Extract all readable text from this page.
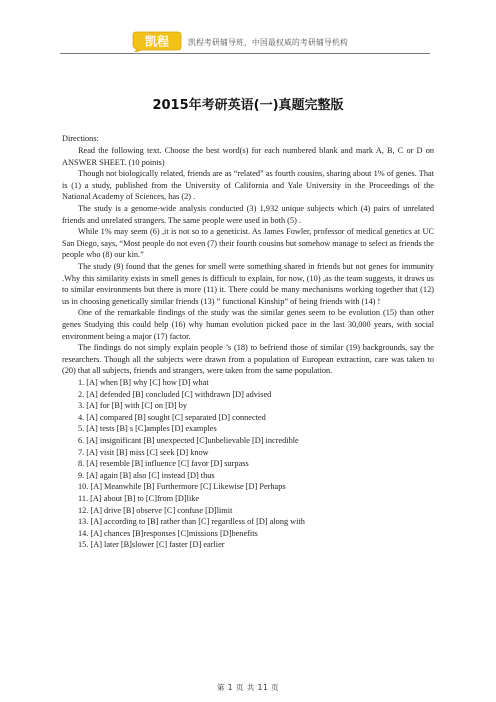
凯程 凯程考研辅导班，中国最权威的考研辅导机构
2015年考研英语(一)真题完整版

Directions:

Read the following text. Choose the best word(s) for each numbered blank and mark A, B, C or D on ANSWER SHEET. (10 points)

Though not biologically related, friends are as “related” as fourth cousins, sharing about 1% of genes. That is (1) a study, published from the University of California and Yale University in the Proceedings of the National Academy of Sciences, has (2) .

The study is a genome-wide analysis conducted (3) 1,932 unique subjects which (4) pairs of unrelated friends and unrelated strangers. The same people were used in both (5) .

While 1% may seem (6) ,it is not so to a geneticist. As James Fowler, professor of medical genetics at UC San Diego, says, “Most people do not even (7) their fourth cousins but somehow manage to select as friends the people who (8) our kin.”

The study (9) found that the genes for smell were something shared in friends but not genes for immunity .Why this similarity exists in smell genes is difficult to explain, for now, (10) ,as the team suggests, it draws us to similar environments but there is more (11) it. There could be many mechanisms working together that (12) us in choosing genetically similar friends (13) ” functional Kinship” of being friends with (14) !

One of the remarkable findings of the study was the similar genes seem to be evolution (15) than other genes Studying this could help (16) why human evolution picked pace in the last 30,000 years, with social environment being a major (17) factor.

The findings do not simply explain people ’s (18) to befriend those of similar (19) backgrounds, say the researchers. Though all the subjects were drawn from a population of European extraction, care was taken to (20) that all subjects, friends and strangers, were taken from the same population.

1. [A] when [B] why [C] how [D] what

2. [A] defended [B] concluded [C] withdrawn [D] advised

3. [A] for [B] with [C] on [D] by

4. [A] compared [B] sought [C] separated [D] connected

5. [A] tests [B] s [C]amples [D] examples

6. [A] insignificant [B] unexpected [C]unbelievable [D] incredible

7. [A] visit [B] miss [C] seek [D] know

8. [A] resemble [B] influence [C] favor [D] surpass

9. [A] again [B] also [C] instead [D] thus

10. [A] Meanwhile [B] Furthermore [C] Likewise [D] Perhaps

11. [A] about [B] to [C]from [D]like

12. [A] drive [B] observe [C] confuse [D]limit

13. [A] according to [B] rather than [C] regardless of [D] along with

14. [A] chances [B]responses [C]missions [D]benefits

15. [A] later [B]slower [C] faster [D] earlier

第 1 页 共 11 页
